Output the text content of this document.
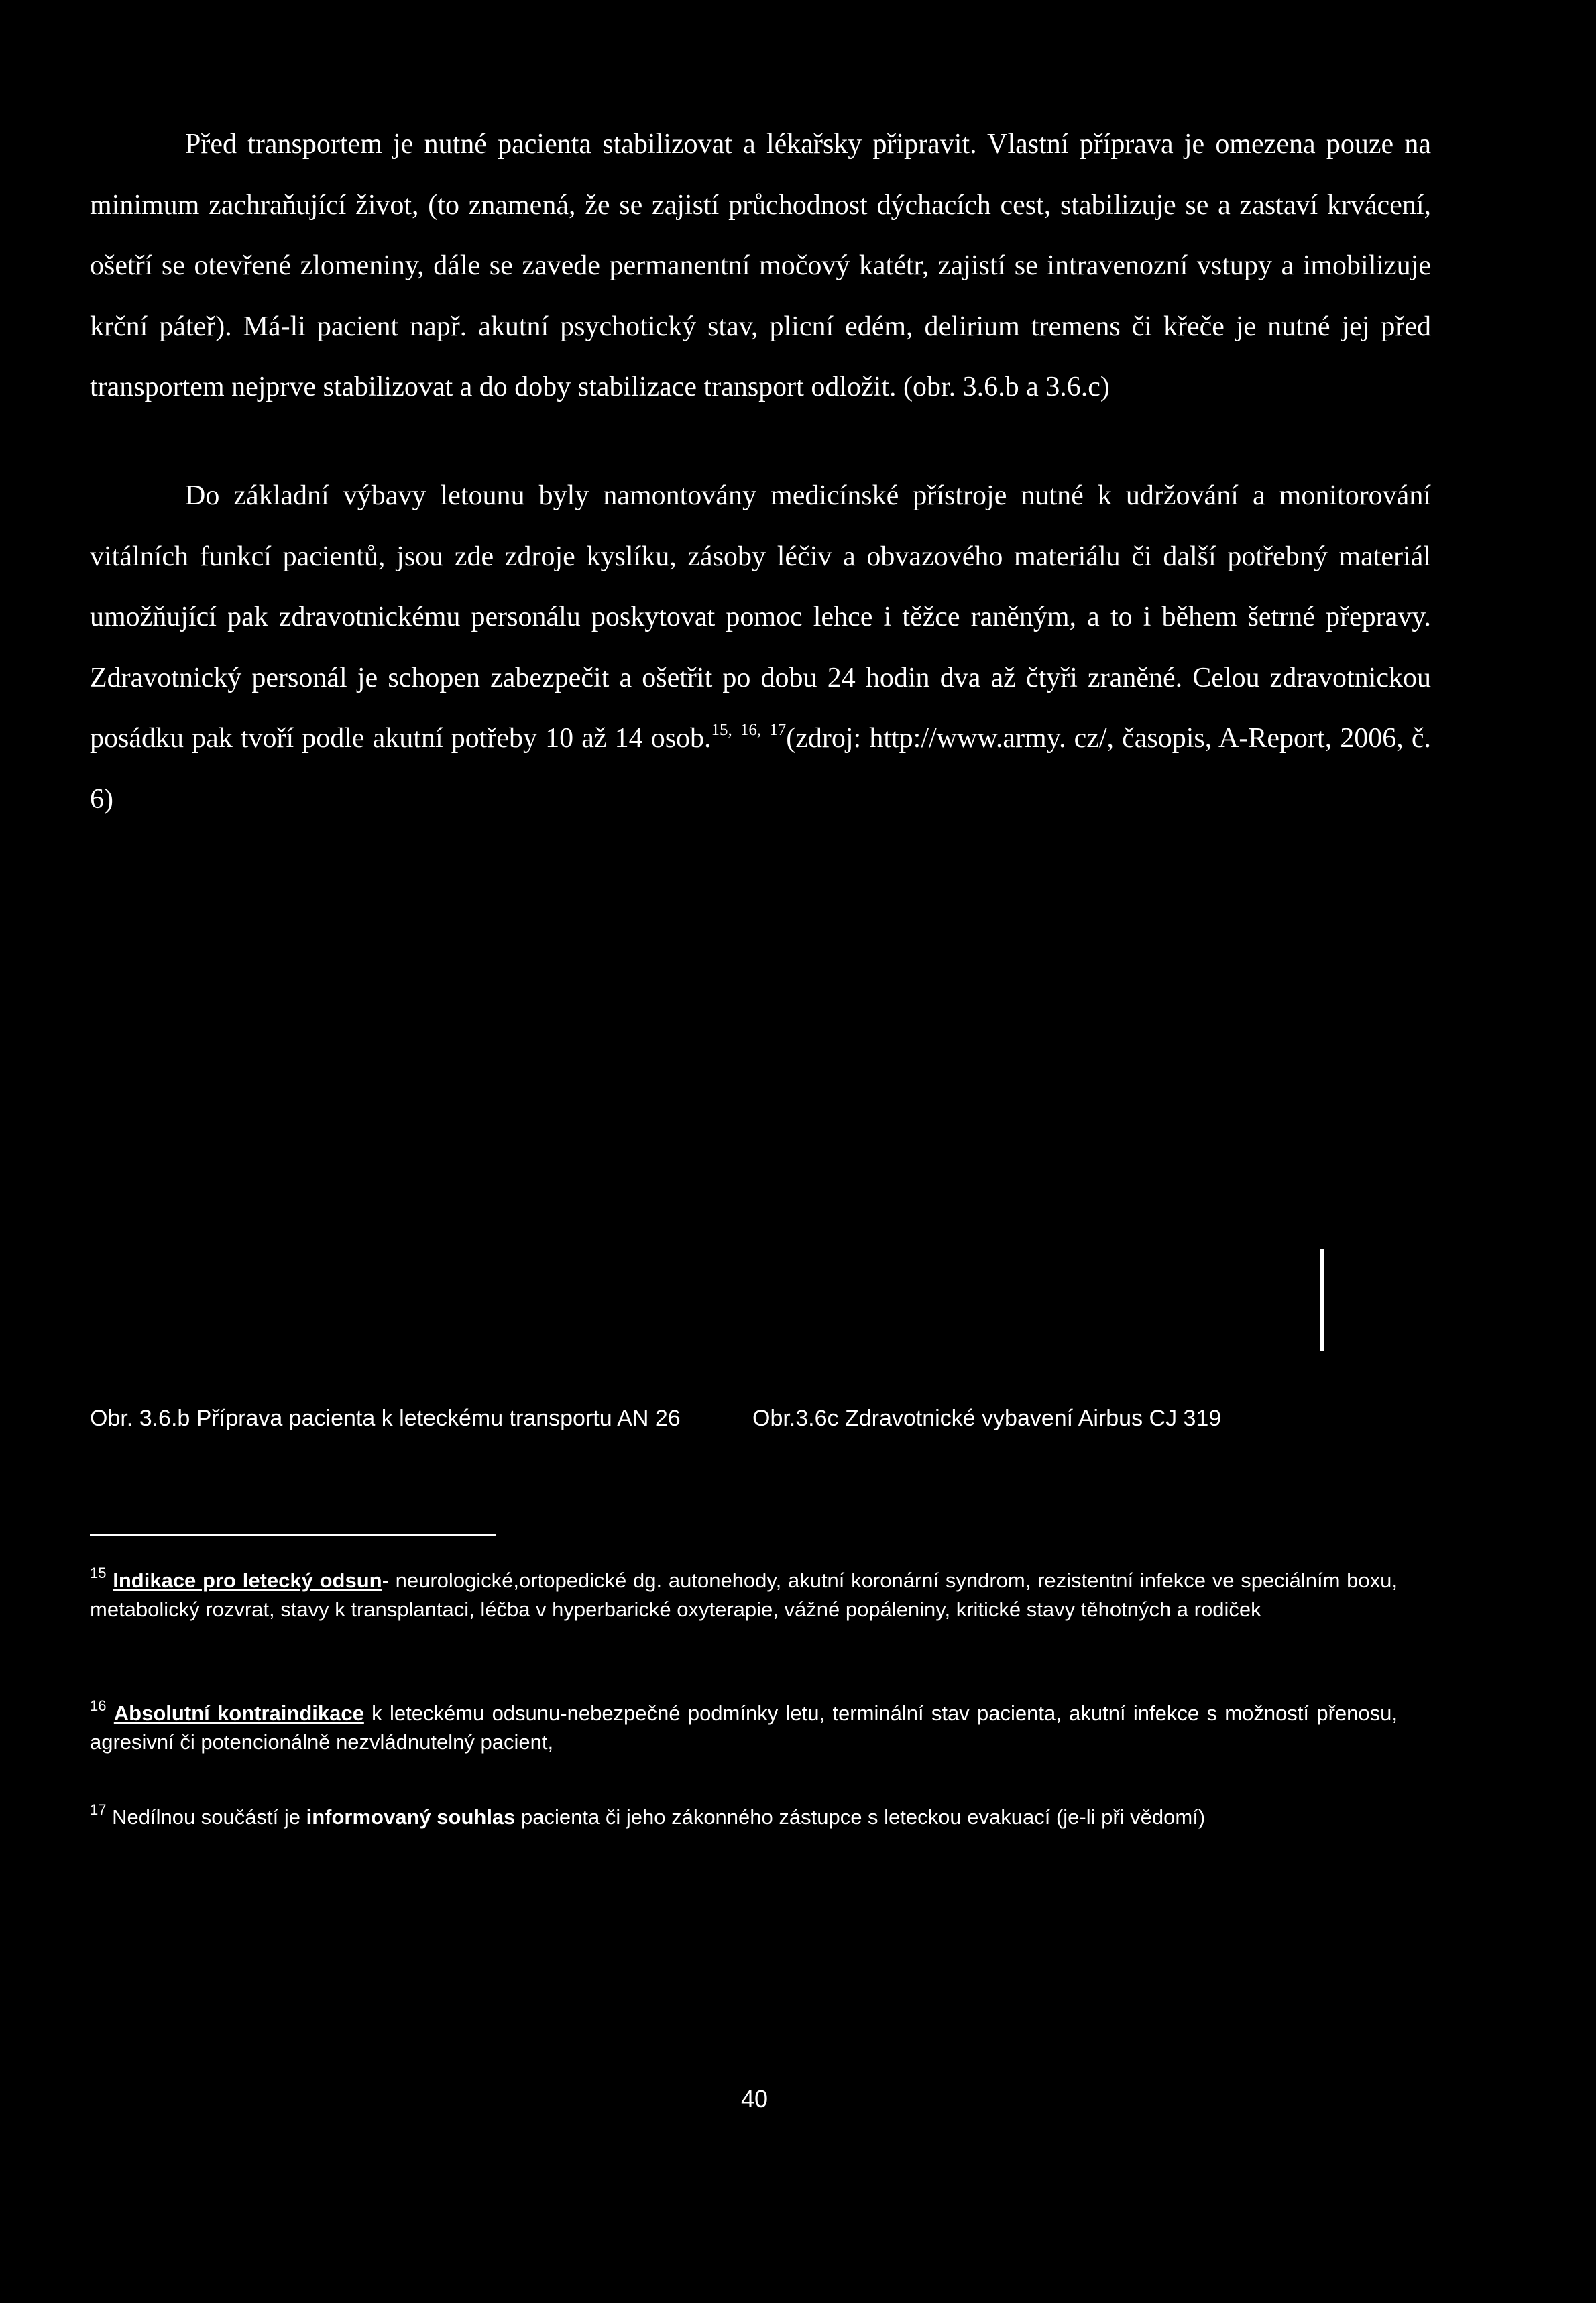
Před transportem je nutné pacienta stabilizovat a lékařsky připravit. Vlastní příprava je omezena pouze na minimum zachraňující život, (to znamená, že se zajistí průchodnost dýchacích cest, stabilizuje se a zastaví krvácení, ošetří se otevřené zlomeniny, dále se zavede permanentní močový katétr, zajistí se intravenozní vstupy a imobilizuje krční páteř). Má-li pacient např. akutní psychotický stav, plicní edém, delirium tremens či křeče je nutné jej před transportem nejprve stabilizovat a do doby stabilizace transport odložit. (obr. 3.6.b a 3.6.c)

Do základní výbavy letounu byly namontovány medicínské přístroje nutné k udržování a monitorování vitálních funkcí pacientů, jsou zde zdroje kyslíku, zásoby léčiv a obvazového materiálu či další potřebný materiál umožňující pak zdravotnickému personálu poskytovat pomoc lehce i těžce raněným, a to i během šetrné přepravy. Zdravotnický personál je schopen zabezpečit a ošetřit po dobu 24 hodin dva až čtyři zraněné. Celou zdravotnickou posádku pak tvoří podle akutní potřeby 10 až 14 osob.$^{15,}$ $^{16,}$ $^{17}$(zdroj: http://www.army. cz/, časopis, A-Report, 2006, č. 6)

Obr. 3.6.b Příprava pacienta k leteckému transportu AN 26	Obr.3.6c Zdravotnické vybavení Airbus CJ 319

$^{15}$ Indikace pro letecký odsun- neurologické,ortopedické dg. autonehody, akutní koronární syndrom, rezistentní infekce ve speciálním boxu, metabolický rozvrat, stavy k transplantaci, léčba v hyperbarické oxyterapie, vážné popáleniny, kritické stavy těhotných a rodiček

$^{16}$ Absolutní kontraindikace k leteckému odsunu-nebezpečné podmínky letu, terminální stav pacienta, akutní infekce s možností přenosu, agresivní či potencionálně nezvládnutelný pacient,

$^{17}$ Nedílnou součástí je informovaný souhlas pacienta či jeho zákonného zástupce s leteckou evakuací (je-li při vědomí)

40
